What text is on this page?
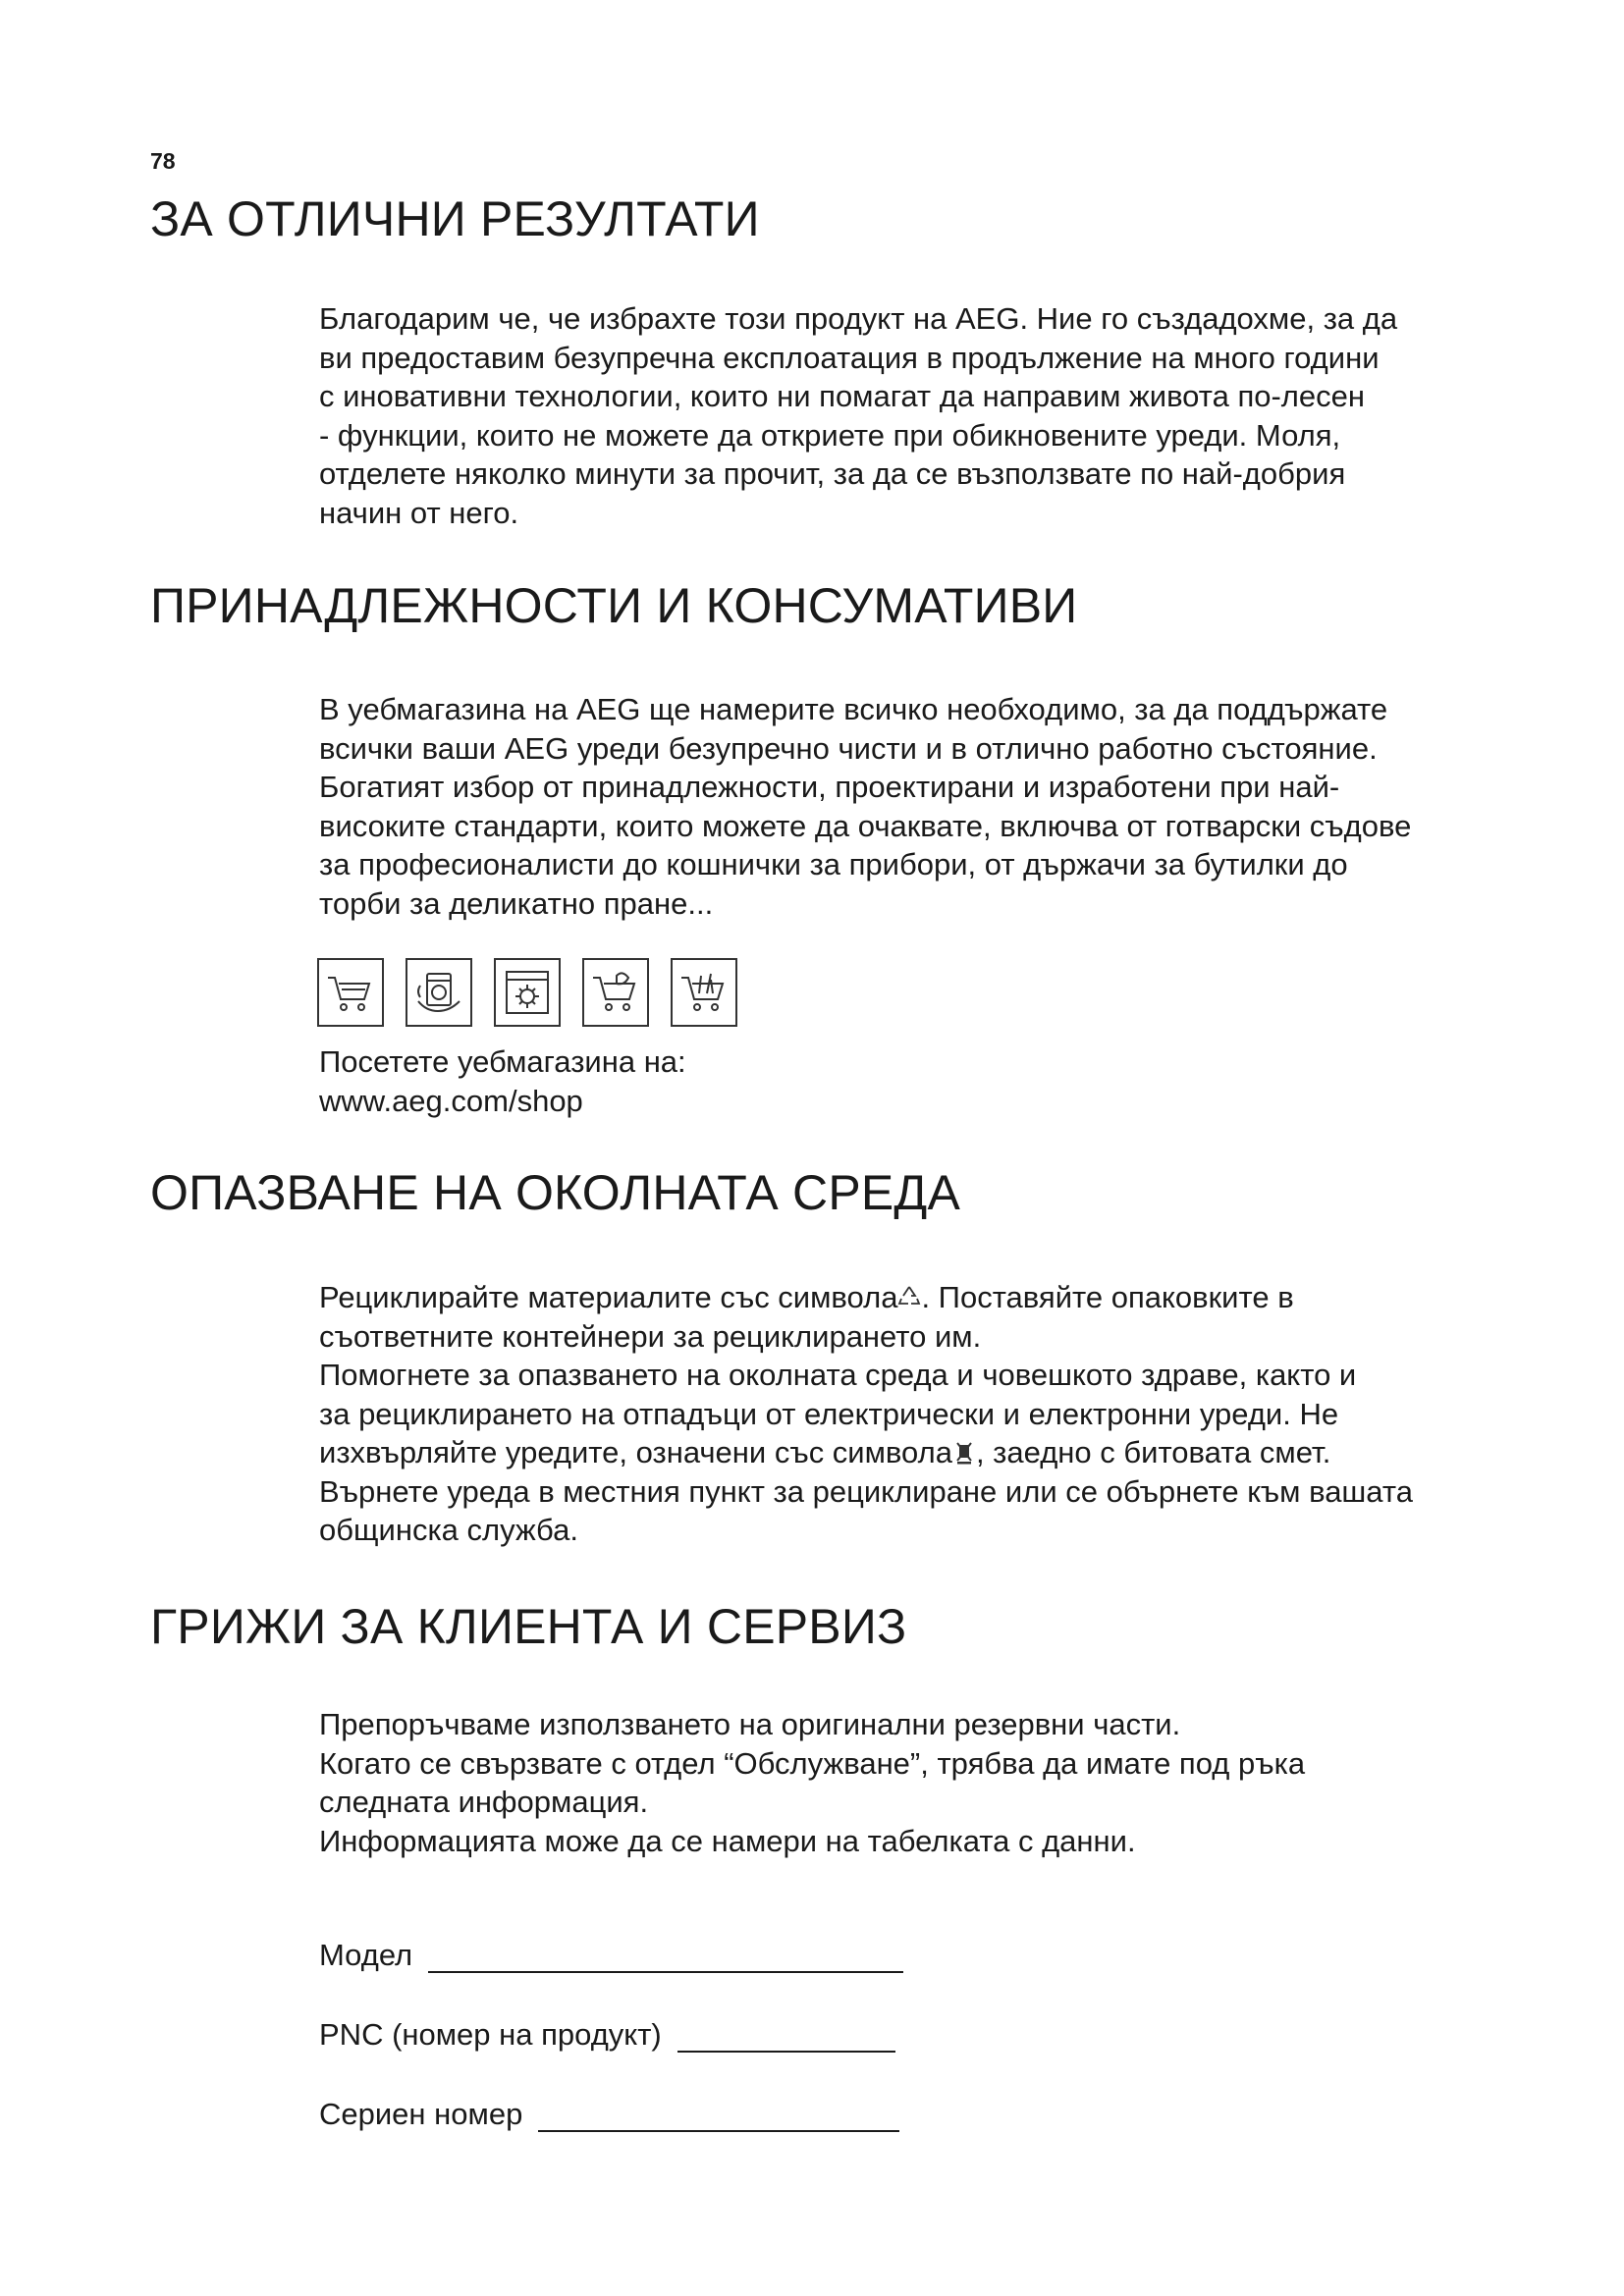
78
ЗА ОТЛИЧНИ РЕЗУЛТАТИ
Благодарим че, че избрахте този продукт на AEG. Ние го създадохме, за да
ви предоставим безупречна експлоатация в продължение на много години
с иновативни технологии, които ни помагат да направим живота по-лесен
- функции, които не можете да откриете при обикновените уреди. Моля,
отделете няколко минути за прочит, за да се възползвате по най-добрия
начин от него.
ПРИНАДЛЕЖНОСТИ И КОНСУМАТИВИ
В уебмагазина на AEG ще намерите всичко необходимо, за да поддържате
всички ваши AEG уреди безупречно чисти и в отлично работно състояние.
Богатият избор от принадлежности, проектирани и изработени при най-
високите стандарти, които можете да очаквате, включва от готварски съдове
за професионалисти до кошнички за прибори, от държачи за бутилки до
торби за деликатно пране...
Посетете уебмагазина на:
www.aeg.com/shop
ОПАЗВАНЕ НА ОКОЛНАТА СРЕДА
Рециклирайте материалите със символа . Поставяйте опаковките в
съответните контейнери за рециклирането им.
Помогнете за опазването на околната среда и човешкото здраве, както и
за рециклирането на отпадъци от електрически и електронни уреди. Не
изхвърляйте уредите, означени със символа , заедно с битовата смет.
Върнете уреда в местния пункт за рециклиране или се обърнете към вашата
общинска служба.
ГРИЖИ ЗА КЛИЕНТА И СЕРВИЗ
Препоръчваме използването на оригинални резервни части.
Когато се свързвате с отдел “Обслужване”, трябва да имате под ръка
следната информация.
Информацията може да се намери на табелката с данни.
Модел
PNC (номер на продукт)
Сериен номер
